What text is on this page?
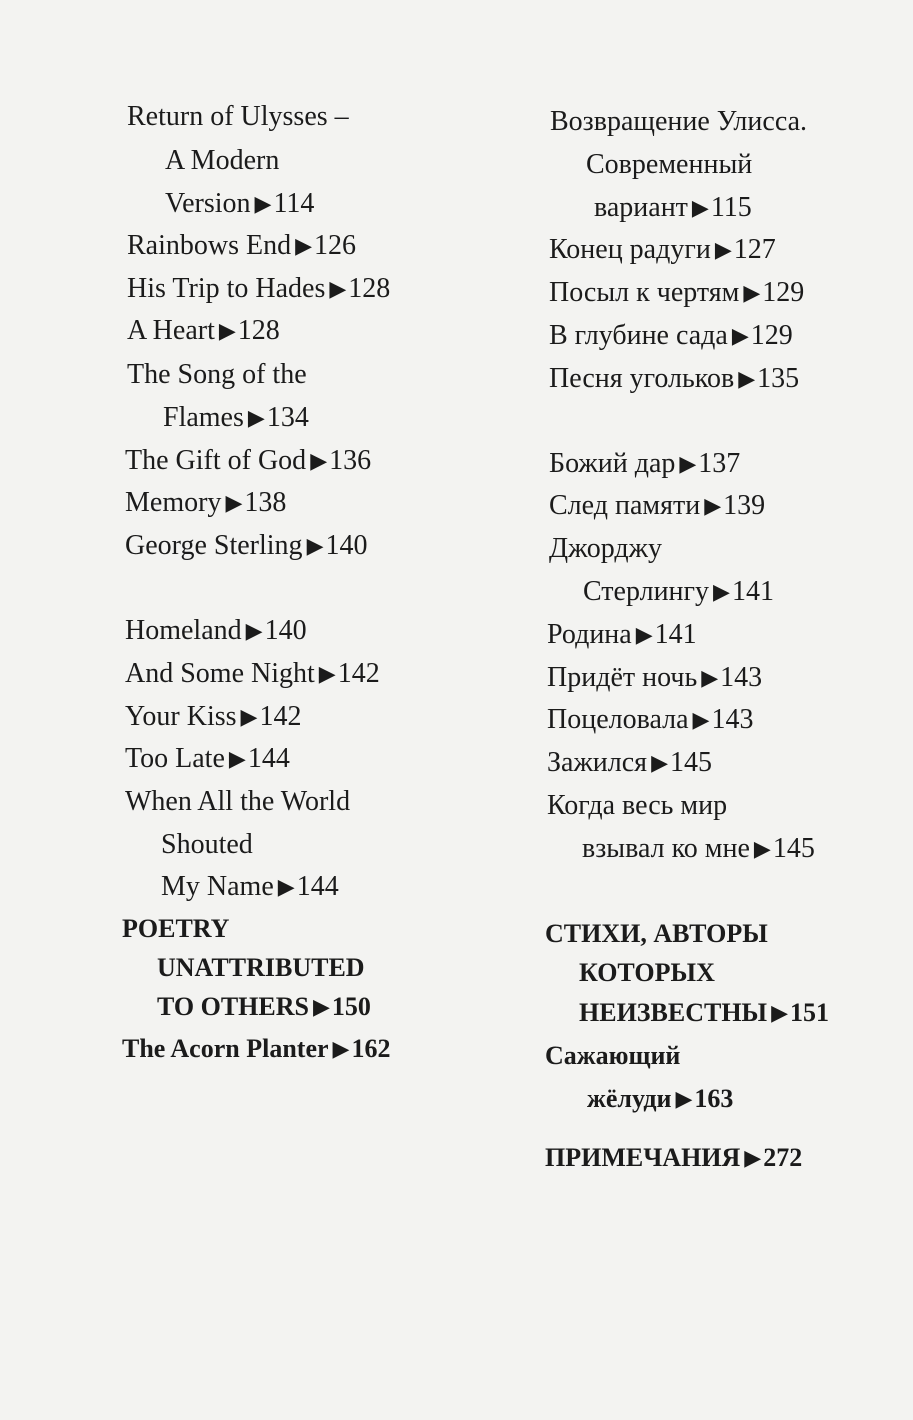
Return of Ulysses –
A Modern
Version ▶114
Rainbows End ▶126
His Trip to Hades ▶128
A Heart ▶128
The Song of the
Flames ▶134
The Gift of God ▶136
Memory ▶138
George Sterling ▶140
Homeland ▶140
And Some Night ▶142
Your Kiss ▶142
Too Late ▶144
When All the World
Shouted
My Name ▶144
POETRY
UNATTRIBUTED
TO OTHERS ▶150
The Acorn Planter ▶162
Возвращение Улисса.
Современный
вариант ▶115
Конец радуги ▶127
Посыл к чертям ▶129
В глубине сада ▶129
Песня угольков ▶135
Божий дар ▶137
След памяти ▶139
Джорджу
Стерлингу ▶141
Родина ▶141
Придёт ночь ▶143
Поцеловала ▶143
Зажился ▶145
Когда весь мир
взывал ко мне ▶145
СТИХИ, АВТОРЫ
КОТОРЫХ
НЕИЗВЕСТНЫ ▶151
Сажающий
жёлуди ▶163
ПРИМЕЧАНИЯ ▶272
